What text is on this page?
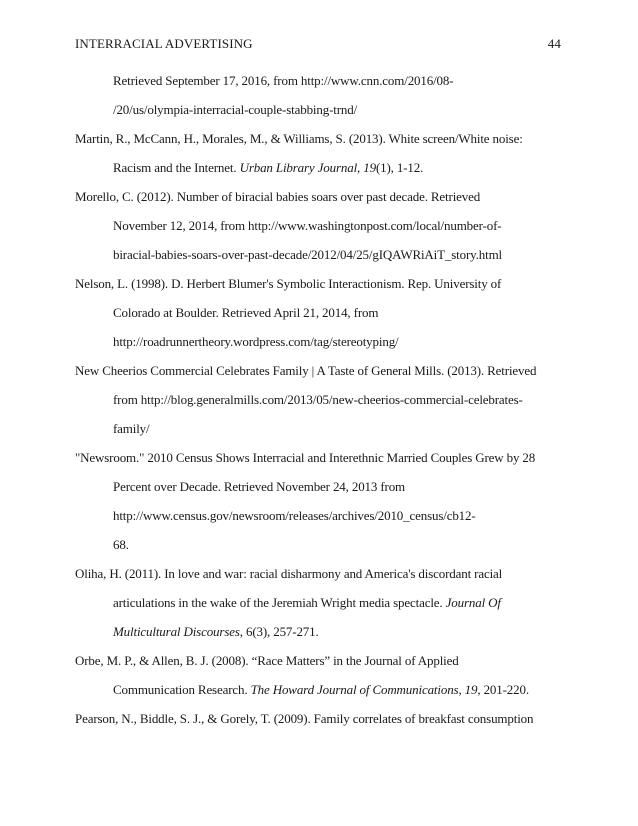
INTERRACIAL ADVERTISING	44
Retrieved September 17, 2016, from http://www.cnn.com/2016/08-
/20/us/olympia-interracial-couple-stabbing-trnd/
Martin, R., McCann, H., Morales, M., & Williams, S. (2013). White screen/White noise:
Racism and the Internet. Urban Library Journal, 19(1), 1-12.
Morello, C. (2012). Number of biracial babies soars over past decade. Retrieved
November 12, 2014, from http://www.washingtonpost.com/local/number-of-
biracial-babies-soars-over-past-decade/2012/04/25/gIQAWRiAiT_story.html
Nelson, L. (1998). D. Herbert Blumer's Symbolic Interactionism. Rep. University of
Colorado at Boulder. Retrieved April 21, 2014, from
http://roadrunnertheory.wordpress.com/tag/stereotyping/
New Cheerios Commercial Celebrates Family | A Taste of General Mills. (2013). Retrieved
from http://blog.generalmills.com/2013/05/new-cheerios-commercial-celebrates-
family/
"Newsroom." 2010 Census Shows Interracial and Interethnic Married Couples Grew by 28
Percent over Decade. Retrieved November 24, 2013 from
http://www.census.gov/newsroom/releases/archives/2010_census/cb12-
68.
Oliha, H. (2011). In love and war: racial disharmony and America's discordant racial
articulations in the wake of the Jeremiah Wright media spectacle. Journal Of
Multicultural Discourses, 6(3), 257-271.
Orbe, M. P., & Allen, B. J. (2008). “Race Matters” in the Journal of Applied
Communication Research. The Howard Journal of Communications, 19, 201-220.
Pearson, N., Biddle, S. J., & Gorely, T. (2009). Family correlates of breakfast consumption
